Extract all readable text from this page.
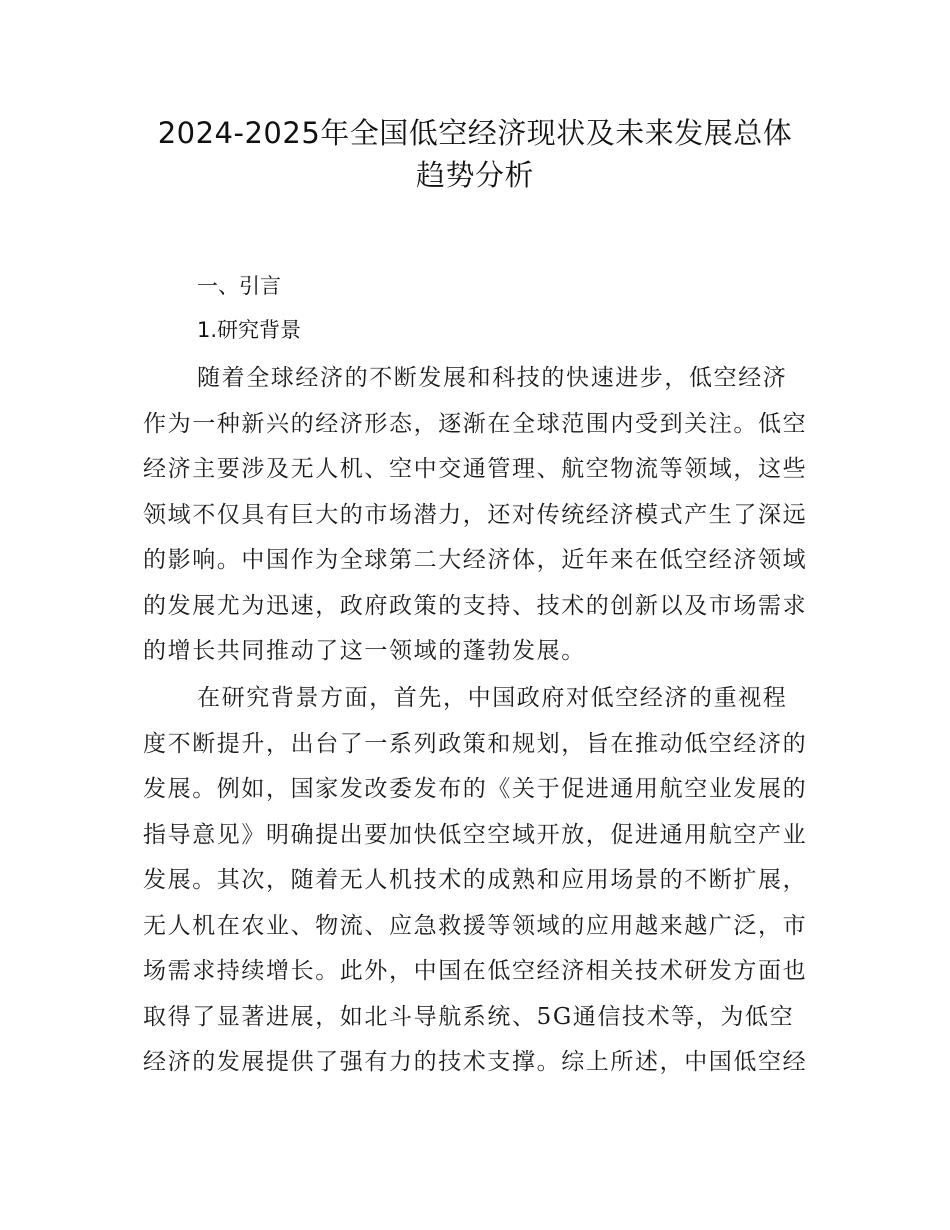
2024-2025年全国低空经济现状及未来发展总体
趋势分析
一、引言
1.研究背景
随着全球经济的不断发展和科技的快速进步，低空经济
作为一种新兴的经济形态，逐渐在全球范围内受到关注。低空
经济主要涉及无人机、空中交通管理、航空物流等领域，这些
领域不仅具有巨大的市场潜力，还对传统经济模式产生了深远
的影响。中国作为全球第二大经济体，近年来在低空经济领域
的发展尤为迅速，政府政策的支持、技术的创新以及市场需求
的增长共同推动了这一领域的蓬勃发展。
在研究背景方面，首先，中国政府对低空经济的重视程
度不断提升，出台了一系列政策和规划，旨在推动低空经济的
发展。例如，国家发改委发布的《关于促进通用航空业发展的
指导意见》明确提出要加快低空空域开放，促进通用航空产业
发展。其次，随着无人机技术的成熟和应用场景的不断扩展，
无人机在农业、物流、应急救援等领域的应用越来越广泛，市
场需求持续增长。此外，中国在低空经济相关技术研发方面也
取得了显著进展，如北斗导航系统、5G通信技术等，为低空
经济的发展提供了强有力的技术支撑。综上所述，中国低空经
